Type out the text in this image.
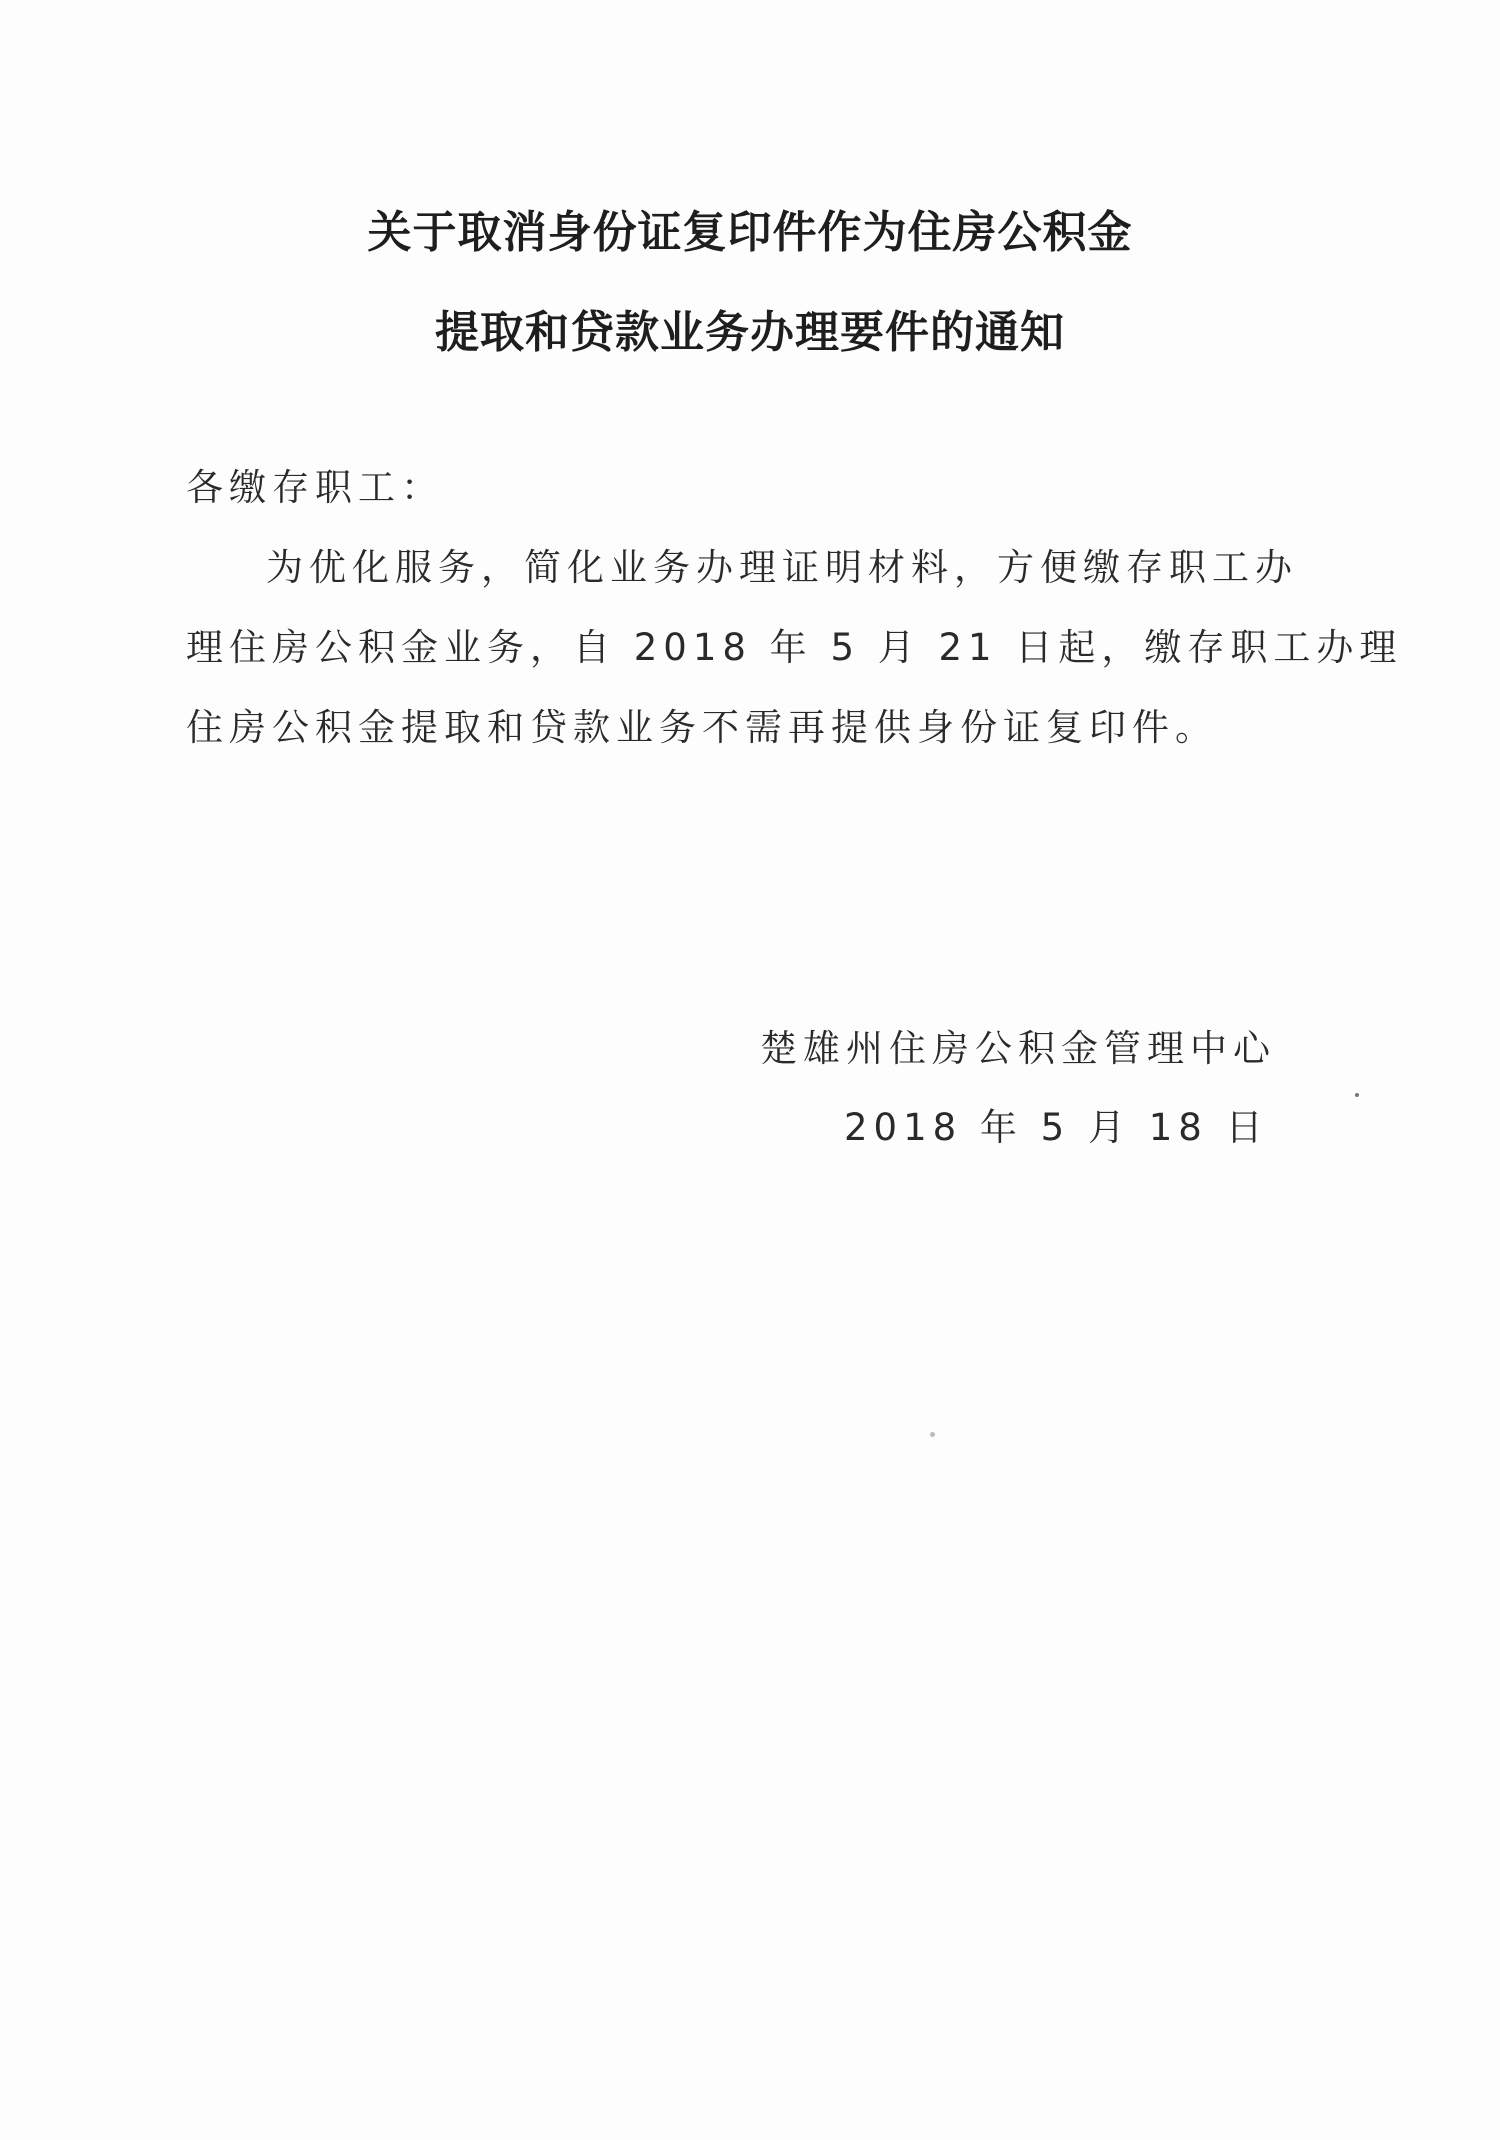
关于取消身份证复印件作为住房公积金
提取和贷款业务办理要件的通知
各缴存职工：
为优化服务，简化业务办理证明材料，方便缴存职工办
理住房公积金业务，自 2018 年 5 月 21 日起，缴存职工办理
住房公积金提取和贷款业务不需再提供身份证复印件。
楚雄州住房公积金管理中心
2018 年 5 月 18 日
